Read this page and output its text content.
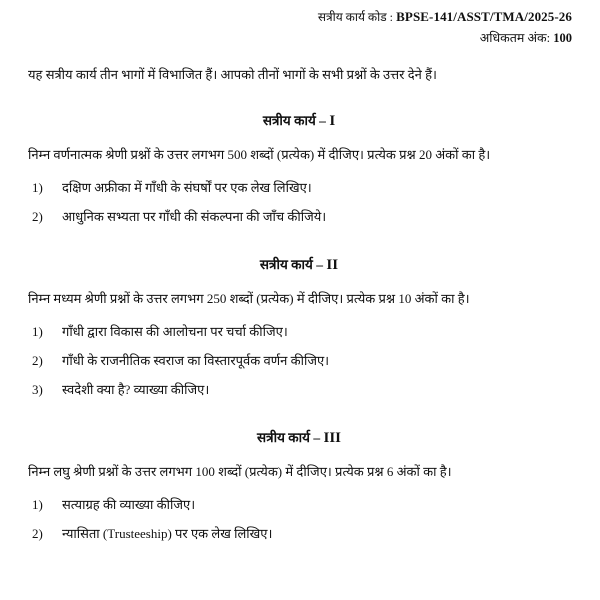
सत्रीय कार्य कोड : BPSE-141/ASST/TMA/2025-26
अधिकतम अंक: 100

यह सत्रीय कार्य तीन भागों में विभाजित हैं। आपको तीनों भागों के सभी प्रश्नों के उत्तर देने हैं।

सत्रीय कार्य – I

निम्न वर्णनात्मक श्रेणी प्रश्नों के उत्तर लगभग 500 शब्दों (प्रत्येक) में दीजिए। प्रत्येक प्रश्न 20 अंकों का है।

1)	दक्षिण अफ्रीका में गाँधी के संघर्षों पर एक लेख लिखिए।
2)	आधुनिक सभ्यता पर गाँधी की संकल्पना की जाँच कीजिये।
सत्रीय कार्य – II

निम्न मध्यम श्रेणी प्रश्नों के उत्तर लगभग 250 शब्दों (प्रत्येक) में दीजिए। प्रत्येक प्रश्न 10 अंकों का है।

1)	गाँधी द्वारा विकास की आलोचना पर चर्चा कीजिए।
2)	गाँधी के राजनीतिक स्वराज का विस्तारपूर्वक वर्णन कीजिए।
3)	स्वदेशी क्या है? व्याख्या कीजिए।
सत्रीय कार्य – III

निम्न लघु श्रेणी प्रश्नों के उत्तर लगभग 100 शब्दों (प्रत्येक) में दीजिए। प्रत्येक प्रश्न 6 अंकों का है।

1)	सत्याग्रह की व्याख्या कीजिए।
2)	न्यासिता (Trusteeship) पर एक लेख लिखिए।
